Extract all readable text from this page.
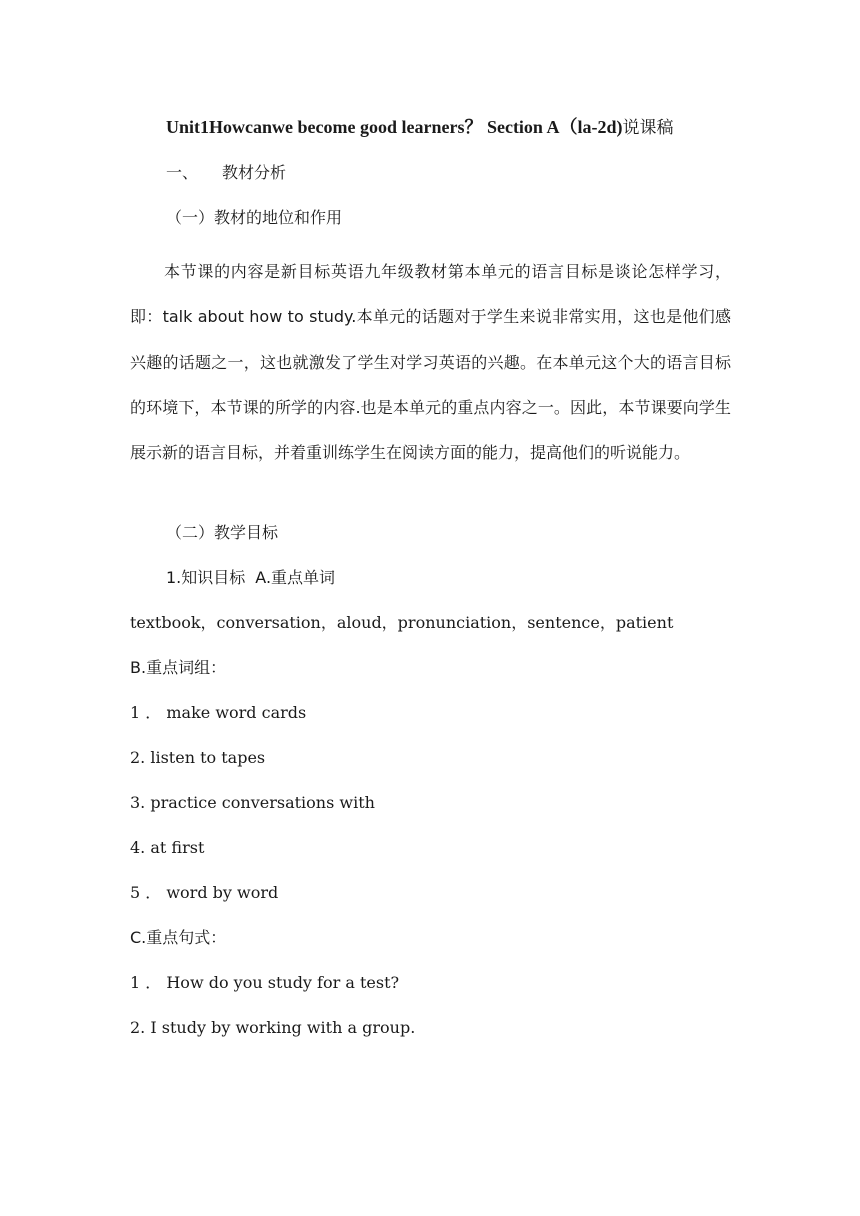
Unit1Howcanwe become good learners？ Section A（la-2d)说课稿
一、 教材分析
（一）教材的地位和作用
本节课的内容是新目标英语九年级教材第本单元的语言目标是谈论怎样学习，即：talk about how to study.本单元的话题对于学生来说非常实用，这也是他们感兴趣的话题之一，这也就激发了学生对学习英语的兴趣。在本单元这个大的语言目标的环境下，本节课的所学的内容.也是本单元的重点内容之一。因此，本节课要向学生展示新的语言目标，并着重训练学生在阅读方面的能力，提高他们的听说能力。
（二）教学目标
1.知识目标 A.重点单词
textbook，conversation，aloud，pronunciation，sentence，patient
B.重点词组：
1 ． make word cards
2. listen to tapes
3. practice conversations with
4. at first
5 ． word by word
C.重点句式：
1 ． How do you study for a test?
2. I study by working with a group.
